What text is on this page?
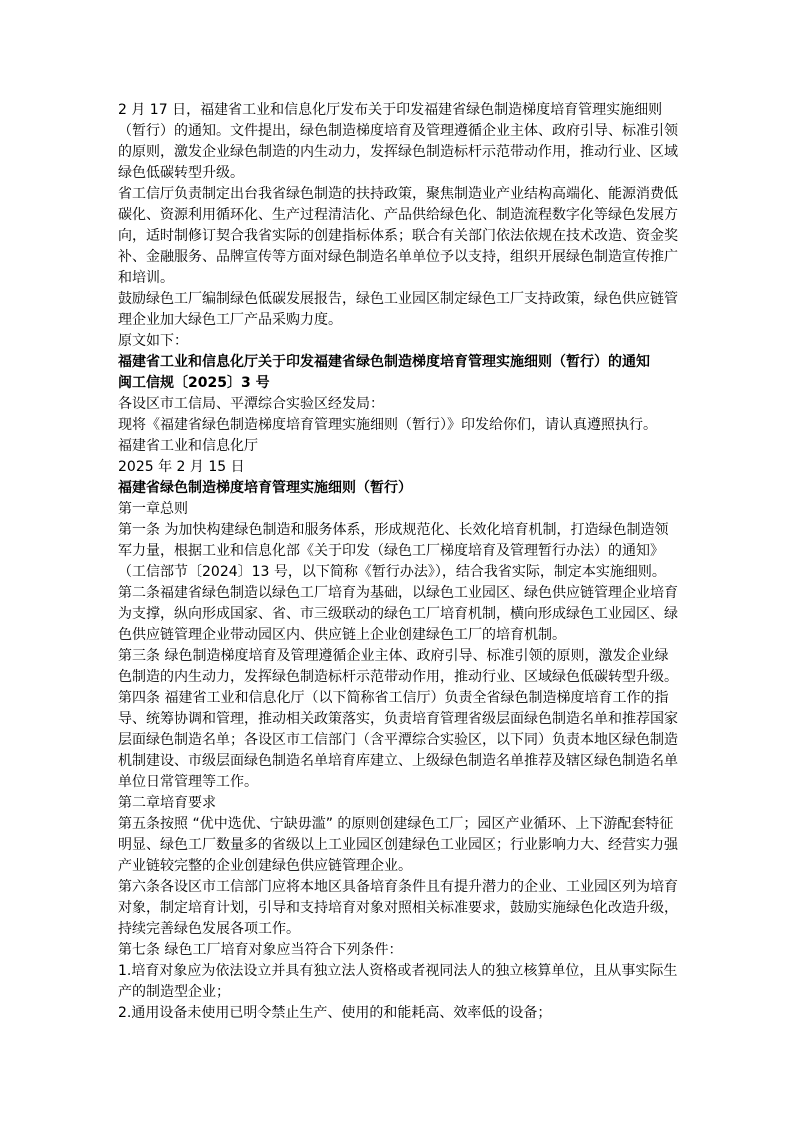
2 月 17 日，福建省工业和信息化厅发布关于印发福建省绿色制造梯度培育管理实施细则
（暂行）的通知。文件提出，绿色制造梯度培育及管理遵循企业主体、政府引导、标准引领
的原则，激发企业绿色制造的内生动力，发挥绿色制造标杆示范带动作用，推动行业、区域
绿色低碳转型升级。
省工信厅负责制定出台我省绿色制造的扶持政策，聚焦制造业产业结构高端化、能源消费低
碳化、资源利用循环化、生产过程清洁化、产品供给绿色化、制造流程数字化等绿色发展方
向，适时制修订契合我省实际的创建指标体系；联合有关部门依法依规在技术改造、资金奖
补、金融服务、品牌宣传等方面对绿色制造名单单位予以支持，组织开展绿色制造宣传推广
和培训。
鼓励绿色工厂编制绿色低碳发展报告，绿色工业园区制定绿色工厂支持政策，绿色供应链管
理企业加大绿色工厂产品采购力度。
原文如下：
福建省工业和信息化厅关于印发福建省绿色制造梯度培育管理实施细则（暂行）的通知
闽工信规〔2025〕3 号
各设区市工信局、平潭综合实验区经发局：
现将《福建省绿色制造梯度培育管理实施细则（暂行）》印发给你们，请认真遵照执行。
福建省工业和信息化厅
2025 年 2 月 15 日
福建省绿色制造梯度培育管理实施细则（暂行）
第一章总则
第一条 为加快构建绿色制造和服务体系，形成规范化、长效化培育机制，打造绿色制造领
军力量，根据工业和信息化部《关于印发（绿色工厂梯度培育及管理暂行办法）的通知》
（工信部节〔2024〕13 号，以下简称《暂行办法》），结合我省实际，制定本实施细则。
第二条福建省绿色制造以绿色工厂培育为基础，以绿色工业园区、绿色供应链管理企业培育
为支撑，纵向形成国家、省、市三级联动的绿色工厂培育机制，横向形成绿色工业园区、绿
色供应链管理企业带动园区内、供应链上企业创建绿色工厂的培育机制。
第三条 绿色制造梯度培育及管理遵循企业主体、政府引导、标准引领的原则，激发企业绿
色制造的内生动力，发挥绿色制造标杆示范带动作用，推动行业、区域绿色低碳转型升级。
第四条 福建省工业和信息化厅（以下简称省工信厅）负责全省绿色制造梯度培育工作的指
导、统筹协调和管理，推动相关政策落实，负责培育管理省级层面绿色制造名单和推荐国家
层面绿色制造名单；各设区市工信部门（含平潭综合实验区，以下同）负责本地区绿色制造
机制建设、市级层面绿色制造名单培育库建立、上级绿色制造名单推荐及辖区绿色制造名单
单位日常管理等工作。
第二章培育要求
第五条按照 “优中选优、宁缺毋滥” 的原则创建绿色工厂；园区产业循环、上下游配套特征
明显、绿色工厂数量多的省级以上工业园区创建绿色工业园区；行业影响力大、经营实力强
产业链较完整的企业创建绿色供应链管理企业。
第六条各设区市工信部门应将本地区具备培育条件且有提升潜力的企业、工业园区列为培育
对象，制定培育计划，引导和支持培育对象对照相关标准要求，鼓励实施绿色化改造升级，
持续完善绿色发展各项工作。
第七条 绿色工厂培育对象应当符合下列条件：
1.培育对象应为依法设立并具有独立法人资格或者视同法人的独立核算单位，且从事实际生
产的制造型企业；
2.通用设备未使用已明令禁止生产、使用的和能耗高、效率低的设备；
